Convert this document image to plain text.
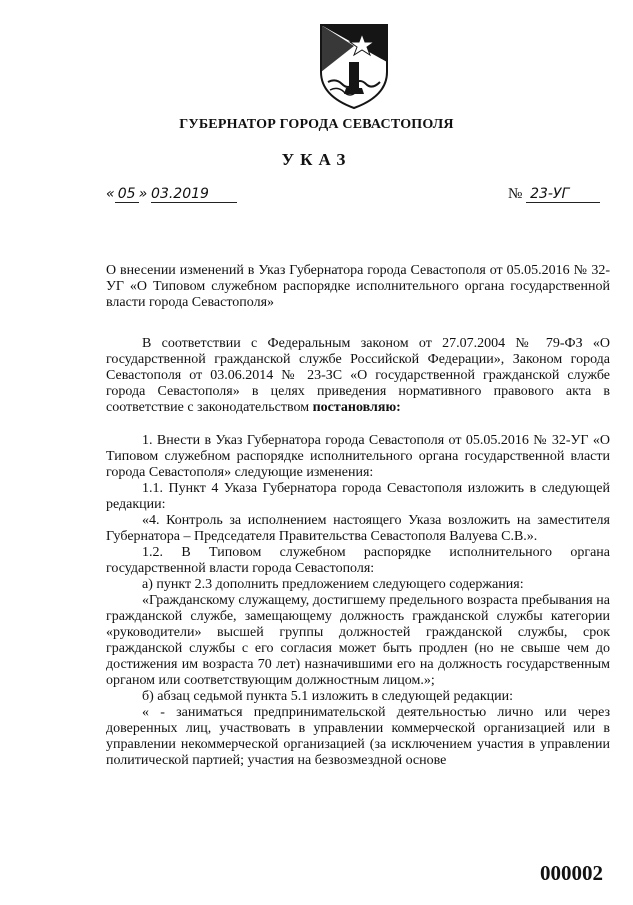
ГУБЕРНАТОР ГОРОДА СЕВАСТОПОЛЯ
УКАЗ
« 05 » 03.2019	№ 23-УГ

О внесении изменений в Указ Губернатора города Севастополя от 05.05.2016 № 32-УГ «О Типовом служебном распорядке исполнительного органа государственной власти города Севастополя»

В соответствии с Федеральным законом от 27.07.2004 № 79-ФЗ «О государственной гражданской службе Российской Федерации», Законом города Севастополя от 03.06.2014 № 23-ЗС «О государственной гражданской службе города Севастополя» в целях приведения нормативного правового акта в соответствие с законодательством постановляю:

1. Внести в Указ Губернатора города Севастополя от 05.05.2016 № 32-УГ «О Типовом служебном распорядке исполнительного органа государственной власти города Севастополя» следующие изменения:

1.1. Пункт 4 Указа Губернатора города Севастополя изложить в следующей редакции:

«4. Контроль за исполнением настоящего Указа возложить на заместителя Губернатора – Председателя Правительства Севастополя Валуева С.В.».

1.2. В Типовом служебном распорядке исполнительного органа государственной власти города Севастополя:

а) пункт 2.3 дополнить предложением следующего содержания:

«Гражданскому служащему, достигшему предельного возраста пребывания на гражданской службе, замещающему должность гражданской службы категории «руководители» высшей группы должностей гражданской службы, срок гражданской службы с его согласия может быть продлен (но не свыше чем до достижения им возраста 70 лет) назначившими его на должность государственным органом или соответствующим должностным лицом.»;

б) абзац седьмой пункта 5.1 изложить в следующей редакции:

« - заниматься предпринимательской деятельностью лично или через доверенных лиц, участвовать в управлении коммерческой организацией или в управлении некоммерческой организацией (за исключением участия в управлении политической партией; участия на безвозмездной основе

000002
